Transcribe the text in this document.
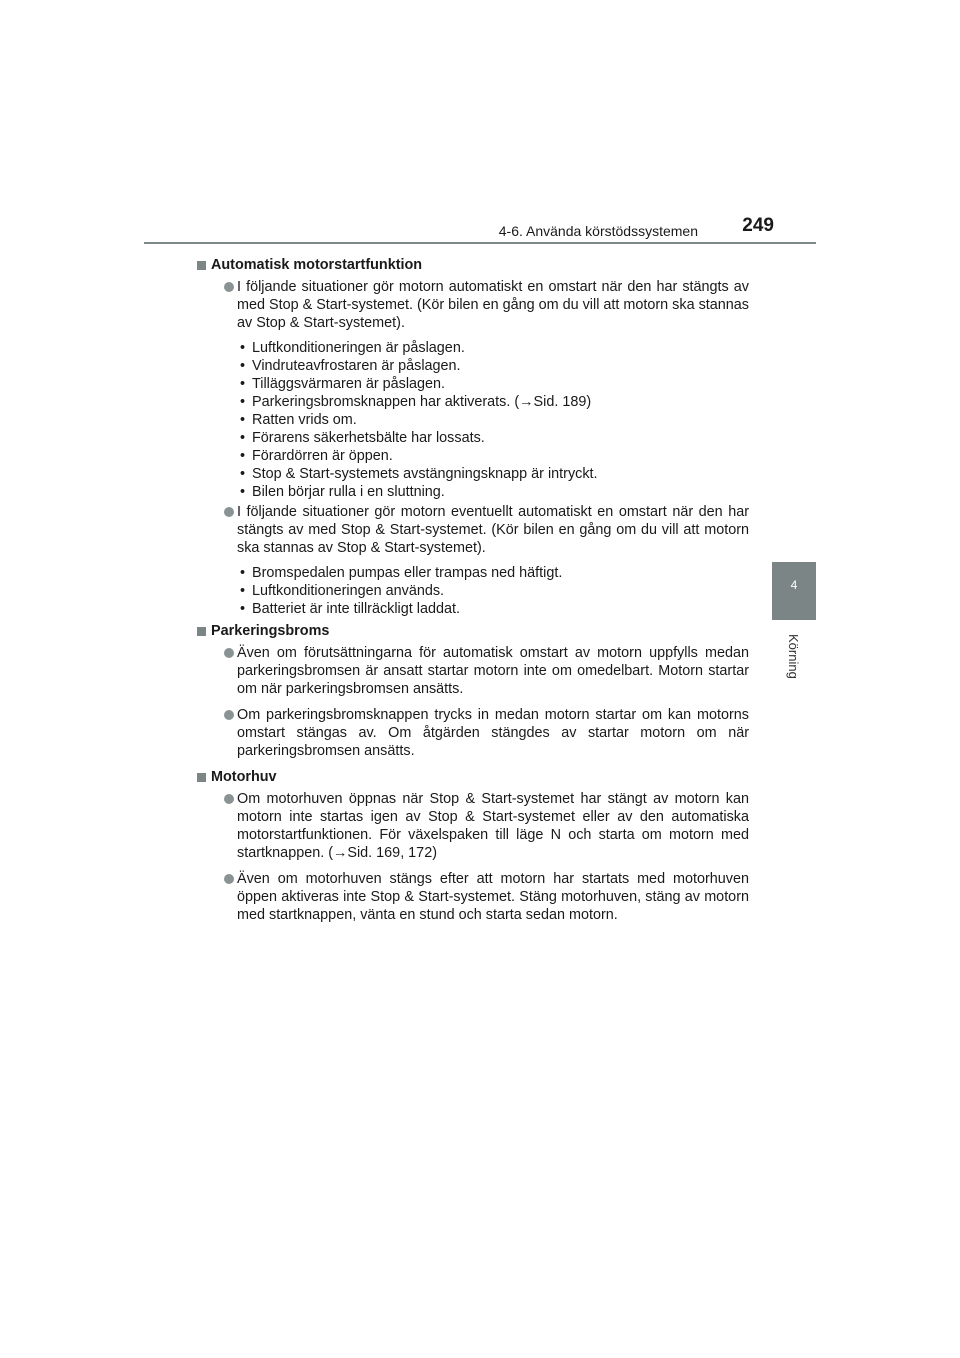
4-6. Använda körstödssystemen 249
4
Körning
Automatisk motorstartfunktion
I följande situationer gör motorn automatiskt en omstart när den har stängts av med Stop & Start-systemet. (Kör bilen en gång om du vill att motorn ska stannas av Stop & Start-systemet).
• Luftkonditioneringen är påslagen.
• Vindruteavfrostaren är påslagen.
• Tilläggsvärmaren är påslagen.
• Parkeringsbromsknappen har aktiverats. (→Sid. 189)
• Ratten vrids om.
• Förarens säkerhetsbälte har lossats.
• Förardörren är öppen.
• Stop & Start-systemets avstängningsknapp är intryckt.
• Bilen börjar rulla i en sluttning.
I följande situationer gör motorn eventuellt automatiskt en omstart när den har stängts av med Stop & Start-systemet. (Kör bilen en gång om du vill att motorn ska stannas av Stop & Start-systemet).
• Bromspedalen pumpas eller trampas ned häftigt.
• Luftkonditioneringen används.
• Batteriet är inte tillräckligt laddat.
Parkeringsbroms
Även om förutsättningarna för automatisk omstart av motorn uppfylls medan parkeringsbromsen är ansatt startar motorn inte om omedelbart. Motorn startar om när parkeringsbromsen ansätts.
Om parkeringsbromsknappen trycks in medan motorn startar om kan motorns omstart stängas av. Om åtgärden stängdes av startar motorn om när parkeringsbromsen ansätts.
Motorhuv
Om motorhuven öppnas när Stop & Start-systemet har stängt av motorn kan motorn inte startas igen av Stop & Start-systemet eller av den automatiska motorstartfunktionen. För växelspaken till läge N och starta om motorn med startknappen. (→Sid. 169, 172)
Även om motorhuven stängs efter att motorn har startats med motorhuven öppen aktiveras inte Stop & Start-systemet. Stäng motorhuven, stäng av motorn med startknappen, vänta en stund och starta sedan motorn.
